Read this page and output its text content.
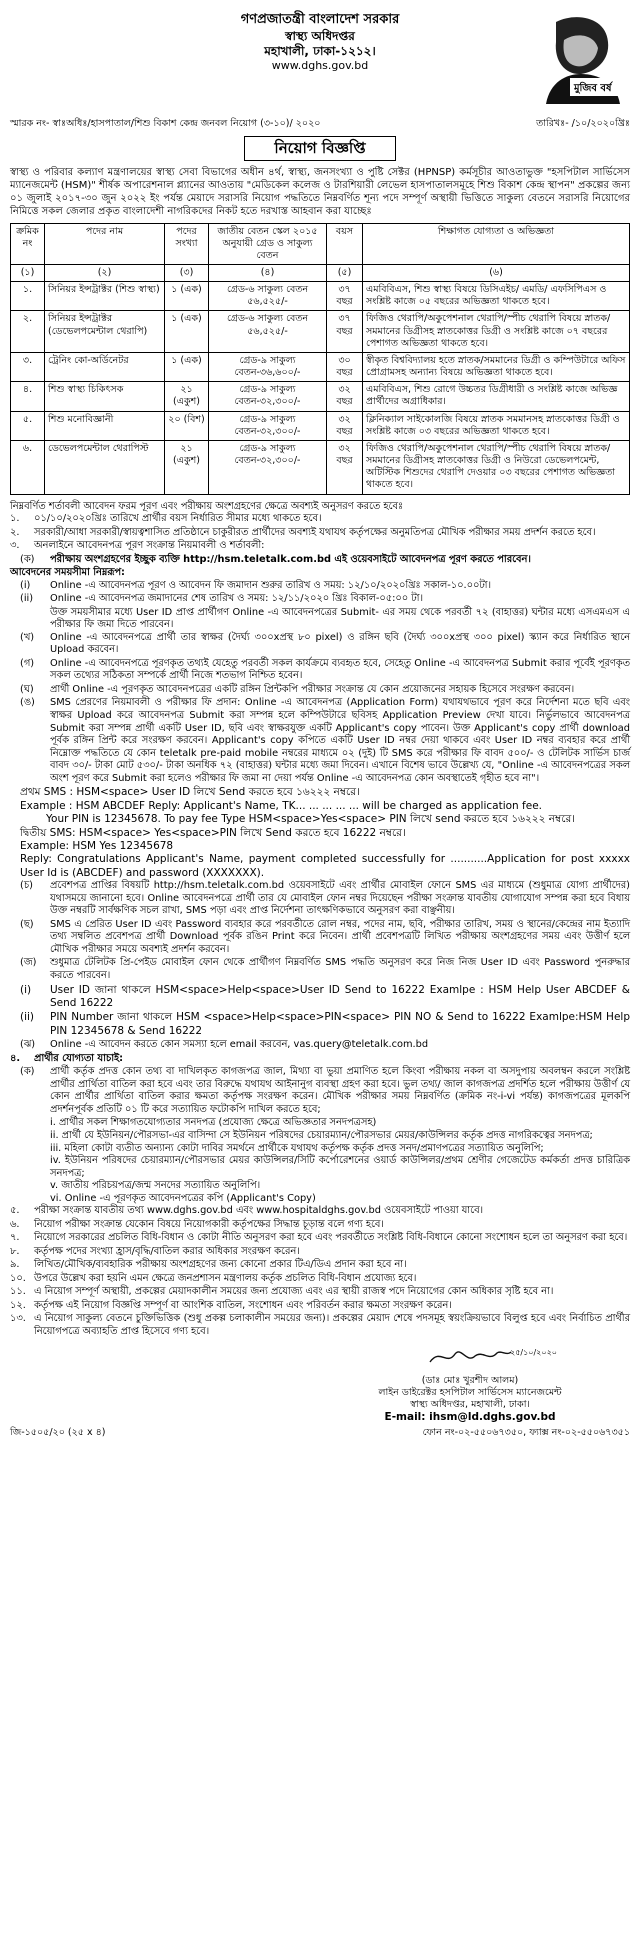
গণপ্রজাতন্ত্রী বাংলাদেশ সরকার
স্বাস্থ্য অধিদপ্তর
মহাখালী, ঢাকা-১২১২।
www.dghs.gov.bd
মুজিব বর্ষ
স্মারক নং- স্বাঃঅধিঃ/হাসপাতাল/শিশু বিকাশ কেন্দ্র জনবল নিয়োগ (৩-১০)/ ২০২০	তারিখঃ- /১০/২০২০খ্রিঃ
নিয়োগ বিজ্ঞপ্তি
স্বাস্থ্য ও পরিবার কল্যাণ মন্ত্রণালয়ের স্বাস্থ্য সেবা বিভাগের অধীন ৪র্থ, স্বাস্থ্য, জনসংখ্যা ও পুষ্টি সেক্টর (HPNSP) কর্মসূচীর আওতাভুক্ত "হসপিটাল সার্ভিসেস ম্যানেজমেন্ট (HSM)" শীর্ষক অপারেশনাল প্ল্যানের আওতায় "মেডিকেল কলেজ ও টারশিয়ারী লেভেল হাসপাতালসমূহে শিশু বিকাশ কেন্দ্র স্থাপন" প্রকল্পের জন্য ০১ জুলাই ২০১৭-৩০ জুন ২০২২ ইং পর্যন্ত মেয়াদে সরাসরি নিয়োগ পদ্ধতিতে নিম্নবর্ণিত শূন্য পদে সম্পূর্ণ অস্থায়ী ভিত্তিতে সাকুল্য বেতনে সরাসরি নিয়োগের নিমিত্তে সকল জেলার প্রকৃত বাংলাদেশী নাগরিকদের নিকট হতে দরখাস্ত আহবান করা যাচ্ছেঃ
ক্রমিক নং	পদের নাম	পদের সংখ্যা	জাতীয় বেতন স্কেল ২০১৫ অনুযায়ী গ্রেড ও সাকুল্য বেতন	বয়স	শিক্ষাগত যোগ্যতা ও অভিজ্ঞতা
(১)	(২)	(৩)	(৪)	(৫)	(৬)
১.	সিনিয়র ইন্সট্রাক্টর (শিশু স্বাস্থ্য)	১ (এক)	গ্রেড-৬ সাকুল্য বেতন ৫৬,৫২৫/-	৩৭ বছর	এমবিবিএস, শিশু স্বাস্থ্য বিষয়ে ডিসিএইচ/ এমডি/ এফসিপিএস ও সংশ্লিষ্ট কাজে ০৫ বছরের অভিজ্ঞতা থাকতে হবে।
২.	সিনিয়র ইন্সট্রাক্টর (ডেভেলপমেন্টাল থেরাপি)	১ (এক)	গ্রেড-৬ সাকুল্য বেতন ৫৬,৫২৫/-	৩৭ বছর	ফিজিও থেরাপি/অকুপেশনাল থেরাপি/স্পীচ থেরাপি বিষয়ে স্নাতক/সমমানের ডিগ্রীসহ স্নাতকোত্তর ডিগ্রী ও সংশ্লিষ্ট কাজে ০৭ বছরের পেশাগত অভিজ্ঞতা থাকতে হবে।
৩.	ট্রেনিং কো-অর্ডিনেটর	১ (এক)	গ্রেড-৯ সাকুল্য বেতন-৩৬,৬০০/-	৩০ বছর	স্বীকৃত বিশ্ববিদ্যালয় হতে স্নাতক/সমমানের ডিগ্রী ও কম্পিউটারে অফিস প্রোগ্রামসহ অন্যান্য বিষয়ে অভিজ্ঞতা থাকতে হবে।
৪.	শিশু স্বাস্থ্য চিকিৎসক	২১ (একুশ)	গ্রেড-৯ সাকুল্য বেতন-৩২,৩০০/-	৩২ বছর	এমবিবিএস, শিশু রোগে উচ্চতর ডিগ্রীধারী ও সংশ্লিষ্ট কাজে অভিজ্ঞ প্রার্থীদের অগ্রাধিকার।
৫.	শিশু মনোবিজ্ঞানী	২০ (বিশ)	গ্রেড-৯ সাকুল্য বেতন-৩২,৩০০/-	৩২ বছর	ক্লিনিক্যাল সাইকোলজি বিষয়ে স্নাতক সমমানসহ স্নাতকোত্তর ডিগ্রী ও সংশ্লিষ্ট কাজে ০৩ বছরের অভিজ্ঞতা থাকতে হবে।
৬.	ডেভেলপমেন্টাল থেরাপিস্ট	২১ (একুশ)	গ্রেড-৯ সাকুল্য বেতন-৩২,৩০০/-	৩২ বছর	ফিজিও থেরাপি/অকুপেশনাল থেরাপি/স্পীচ থেরাপি বিষয়ে স্নাতক/সমমানের ডিগ্রীসহ স্নাতকোত্তর ডিগ্রী ও নিউরো ডেভেলপমেন্ট, অটিস্টিক শিশুদের থেরাপি দেওয়ার ০৩ বছরের পেশাগত অভিজ্ঞতা থাকতে হবে।
নিম্নবর্ণিত শর্তাবলী আবেদন ফরম পূরণ এবং পরীক্ষায় অংশগ্রহণের ক্ষেত্রে অবশ্যই অনুসরণ করতে হবেঃ
১.	০১/১০/২০২০খ্রিঃ তারিখে প্রার্থীর বয়স নির্ধারিত সীমার মধ্যে থাকতে হবে।
২.	সরকারী/আধা সরকারী/স্বায়ত্বশাসিত প্রতিষ্ঠানে চাকুরীরত প্রার্থীদের অবশ্যই যথাযথ কর্তৃপক্ষের অনুমতিপত্র মৌখিক পরীক্ষার সময় প্রদর্শন করতে হবে।
৩.	অনলাইনে আবেদনপত্র পূরণ সংক্রান্ত নিয়মাবলী ও শর্তাবলী:
(ক)	পরীক্ষায় অংশগ্রহণের ইচ্ছুক ব্যক্তি http://hsm.teletalk.com.bd এই ওয়েবসাইটে আবেদনপত্র পূরণ করতে পারবেন।
আবেদনের সময়সীমা নিম্নরূপ:
(i)	Online -এ আবেদনপত্র পূরণ ও আবেদন ফি জমাদান শুরুর তারিখ ও সময়: ১২/১০/২০২০খ্রিঃ সকাল-১০.০০টা।
(ii)	Online -এ আবেদনপত্র জমাদানের শেষ তারিখ ও সময়: ১২/১১/২০২০ খ্রিঃ বিকাল-০৫:০০ টা।
উক্ত সময়সীমার মধ্যে User ID প্রাপ্ত প্রার্থীগণ Online -এ আবেদনপত্রের Submit- এর সময় থেকে পরবর্তী ৭২ (বাহাত্তর) ঘন্টার মধ্যে এসএমএস এ পরীক্ষার ফি জমা দিতে পারবেন।
(খ)	Online -এ আবেদনপত্রে প্রার্থী তার স্বাক্ষর (দৈর্ঘ্য ৩০০xপ্রস্থ ৮০ pixel) ও রঙ্গিন ছবি (দৈর্ঘ্য ৩০০xপ্রস্থ ৩০০ pixel) স্ক্যান করে নির্ধারিত স্থানে Upload করবেন।
(গ)	Online -এ আবেদনপত্রে পূরণকৃত তথ্যই যেহেতু পরবর্তী সকল কার্যক্রমে ব্যবহৃত হবে, সেহেতু Online -এ আবেদনপত্র Submit করার পূর্বেই পূরণকৃত সকল তথ্যের সঠিকতা সম্পর্কে প্রার্থী নিজে শতভাগ নিশ্চিত হবেন।
(ঘ)	প্রার্থী Online -এ পূরণকৃত আবেদনপত্রের একটি রঙ্গিন প্রিন্টকপি পরীক্ষার সংক্রান্ত যে কোন প্রয়োজনের সহায়ক হিসেবে সংরক্ষণ করবেন।
(ঙ)	SMS প্রেরণের নিয়মাবলী ও পরীক্ষার ফি প্রদান: Online -এ আবেদনপত্র (Application Form) যথাযথভাবে পূরণ করে নির্দেশনা মতে ছবি এবং স্বাক্ষর Upload করে আবেদনপত্র Submit করা সম্পন্ন হলে কম্পিউটারে ছবিসহ Application Preview দেখা যাবে। নির্ভুলভাবে আবেদনপত্র Submit করা সম্পন্ন প্রার্থী একটি User ID, ছবি এবং স্বাক্ষরযুক্ত একটি Applicant's copy পাবেন। উক্ত Applicant's copy প্রার্থী download পূর্বক রঙ্গিন প্রিন্ট করে সংরক্ষণ করবেন। Applicant's copy কপিতে একটি User ID নম্বর দেয়া থাকবে এবং User ID নম্বর ব্যবহার করে প্রার্থী নিম্নোক্ত পদ্ধতিতে যে কোন teletalk pre-paid mobile নম্বরের মাধ্যমে ০২ (দুই) টি SMS করে পরীক্ষার ফি বাবদ ৫০০/- ও টেলিটক সার্ভিস চার্জ বাবদ ৩০/- টাকা মোট ৫৩০/- টাকা অনধিক ৭২ (বাহাত্তর) ঘন্টার মধ্যে জমা দিবেন। এখানে বিশেষ ভাবে উল্লেখ্য যে, "Online -এ আবেদনপত্রের সকল অংশ পূরণ করে Submit করা হলেও পরীক্ষার ফি জমা না দেয়া পর্যন্ত Online -এ আবেদনপত্র কোন অবস্থাতেই গৃহীত হবে না"।
প্রথম SMS : HSM<space> User ID লিখে Send করতে হবে ১৬২২২ নম্বরে।
Example : HSM ABCDEF Reply: Applicant's Name, TK... ... ... ... ... will be charged as application fee.
Your PIN is 12345678. To pay fee Type HSM<space>Yes<space> PIN লিখে send করতে হবে ১৬২২২ নম্বরে।
দ্বিতীয় SMS: HSM<space> Yes<space>PIN লিখে Send করতে হবে 16222 নম্বরে।
Example: HSM Yes 12345678
Reply: Congratulations Applicant's Name, payment completed successfully for ...........Application for post xxxxx User Id is (ABCDEF) and password (XXXXXXX).
(চ)	প্রবেশপত্র প্রাপ্তির বিষয়টি http://hsm.teletalk.com.bd ওয়েবসাইটে এবং প্রার্থীর মোবাইল ফোনে SMS এর মাধ্যমে (শুধুমাত্র যোগ্য প্রার্থীদের) যথাসময়ে জানানো হবে। Online আবেদনপত্রে প্রার্থী তার যে মোবাইল ফোন নম্বর দিয়েছেন পরীক্ষা সংক্রান্ত যাবতীয় যোগাযোগ সম্পন্ন করা হবে বিধায় উক্ত নম্বরটি সার্বক্ষণিক সচল রাখা, SMS পড়া এবং প্রাপ্ত নির্দেশনা তাৎক্ষণিকভাবে অনুসরণ করা বাঞ্ছনীয়।
(ছ)	SMS এ প্রেরিত User ID এবং Password ব্যবহার করে পরবর্তীতে রোল নম্বর, পদের নাম, ছবি, পরীক্ষার তারিখ, সময় ও স্থানের/কেন্দ্রের নাম ইত্যাদি তথ্য সম্বলিত প্রবেশপত্র প্রার্থী Download পূর্বক রঙিন Print করে নিবেন। প্রার্থী প্রবেশপত্রটি লিখিত পরীক্ষায় অংশগ্রহণের সময় এবং উত্তীর্ণ হলে মৌখিক পরীক্ষার সময়ে অবশ্যই প্রদর্শন করবেন।
(জ)	শুধুমাত্র টেলিটক প্রি-পেইড মোবাইল ফোন থেকে প্রার্থীগণ নিম্নবর্ণিত SMS পদ্ধতি অনুসরণ করে নিজ নিজ User ID এবং Password পুনরুদ্ধার করতে পারবেন।
(i)	User ID জানা থাকলে HSM<space>Help<space>User ID Send to 16222 Examlpe : HSM Help User ABCDEF & Send 16222
(ii)	PIN Number জানা থাকলে HSM <space>Help<space>PIN<space> PIN NO & Send to 16222 Examlpe:HSM Help PIN 12345678 & Send 16222
(ঝ)	Online -এ আবেদন করতে কোন সমস্যা হলে email করবেন, vas.query@teletalk.com.bd
৪.	প্রার্থীর যোগ্যতা যাচাই:
(ক)	প্রার্থী কর্তৃক প্রদত্ত কোন তথ্য বা দাখিলকৃত কাগজপত্র জাল, মিথ্যা বা ভুয়া প্রমাণিত হলে কিংবা পরীক্ষায় নকল বা অসদুপায় অবলম্বন করলে সংশ্লিষ্ট প্রার্থীর প্রার্থিতা বাতিল করা হবে এবং তার বিরুদ্ধে যথাযথ আইনানুগ ব্যবস্থা গ্রহণ করা হবে। ভুল তথ্য/ জাল কাগজপত্র প্রদর্শিত হলে পরীক্ষায় উত্তীর্ণ যে কোন প্রার্থীর প্রার্থিতা বাতিল করার ক্ষমতা কর্তৃপক্ষ সংরক্ষণ করেন। মৌখিক পরীক্ষার সময় নিম্নবর্ণিত (ক্রমিক নং-i-vi পর্যন্ত) কাগজপত্রের মূলকপি প্রদর্শনপূর্বক প্রতিটি ০১ টি করে সত্যায়িত ফটোকপি দাখিল করতে হবে;
i. প্রার্থীর সকল শিক্ষাগতযোগ্যতার সনদপত্র (প্রযোজ্য ক্ষেত্রে অভিজ্ঞতার সনদপত্রসহ)
ii. প্রার্থী যে ইউনিয়ন/পৌরসভা-এর বাসিন্দা সে ইউনিয়ন পরিষদের চেয়ারম্যান/পৌরসভার মেয়র/কাউন্সিলর কর্তৃক প্রদত্ত নাগরিকত্বের সনদপত্র;
iii. মহিলা কোটা ব্যতীত অন্যান্য কোটা দাবির সমর্থনে প্রার্থীকে যথাযথ কর্তৃপক্ষ কর্তৃক প্রদত্ত সনদ/প্রমাণপত্রের সত্যায়িত অনুলিপি;
iv. ইউনিয়ন পরিষদের চেয়ারম্যান/পৌরসভার মেয়র কাউন্সিলর/সিটি কর্পোরেশনের ওয়ার্ড কাউন্সিলর/প্রথম শ্রেণীর গেজেটেড কর্মকর্তা প্রদত্ত চারিত্রিক সনদপত্র;
v. জাতীয় পরিচয়পত্র/জন্ম সনদের সত্যায়িত অনুলিপি।
vi. Online -এ পূরণকৃত আবেদনপত্রের কপি (Applicant's Copy)
৫.	পরীক্ষা সংক্রান্ত যাবতীয় তথ্য www.dghs.gov.bd এবং www.hospitaldghs.gov.bd ওয়েবসাইটে পাওয়া যাবে।
৬.	নিয়োগ পরীক্ষা সংক্রান্ত যেকোন বিষয়ে নিয়োগকারী কর্তৃপক্ষের সিদ্ধান্ত চূড়ান্ত বলে গণ্য হবে।
৭.	নিয়োগে সরকারের প্রচলিত বিধি-বিধান ও কোটা নীতি অনুসরণ করা হবে এবং পরবর্তীতে সংশ্লিষ্ট বিধি-বিধানে কোনো সংশোধন হলে তা অনুসরণ করা হবে।
৮.	কর্তৃপক্ষ পদের সংখ্যা হ্রাস/বৃদ্ধি/বাতিল করার অধিকার সংরক্ষণ করেন।
৯.	লিখিত/মৌখিক/ব্যবহারিক পরীক্ষায় অংশগ্রহণের জন্য কোনো প্রকার টিএ/ডিএ প্রদান করা হবে না।
১০. উপরে উল্লেখ করা হয়নি এমন ক্ষেত্রে জনপ্রশাসন মন্ত্রণালয় কর্তৃক প্রচলিত বিধি-বিধান প্রযোজ্য হবে।
১১. এ নিয়োগ সম্পূর্ণ অস্থায়ী, প্রকল্পের মেয়াদকালীন সময়ের জন্য প্রযোজ্য এবং এর স্থায়ী রাজস্ব পদে নিয়োগের কোন অধিকার সৃষ্টি হবে না।
১২. কর্তৃপক্ষ এই নিয়োগ বিজ্ঞপ্তি সম্পূর্ণ বা আংশিক বাতিল, সংশোধন এবং পরিবর্তন করার ক্ষমতা সংরক্ষণ করেন।
১৩. এ নিয়োগ সাকুল্য বেতনে চুক্তিভিত্তিক (শুধু প্রকল্প চলাকালীন সময়ের জন্য)। প্রকল্পের মেয়াদ শেষে পদসমূহ স্বয়ংক্রিয়ভাবে বিলুপ্ত হবে এবং নির্বাচিত প্রার্থীর নিয়োগপত্রে অব্যাহতি প্রাপ্ত হিসেবে গণ্য হবে।
২৫/১০/২০২০
(ডাঃ মোঃ খুরশীদ আলম)
লাইন ডাইরেক্টর হসপিটাল সার্ভিসেস ম্যানেজমেন্ট
স্বাস্থ্য অধিদপ্তর, মহাখালী, ঢাকা।
E-mail: ihsm@ld.dghs.gov.bd
জি-১৫০৫/২০ (২৫ x ৪)	ফোন নং-০২-৫৫০৬৭৩৫০, ফ্যাক্স নং-০২-৫৫০৬৭৩৫১
